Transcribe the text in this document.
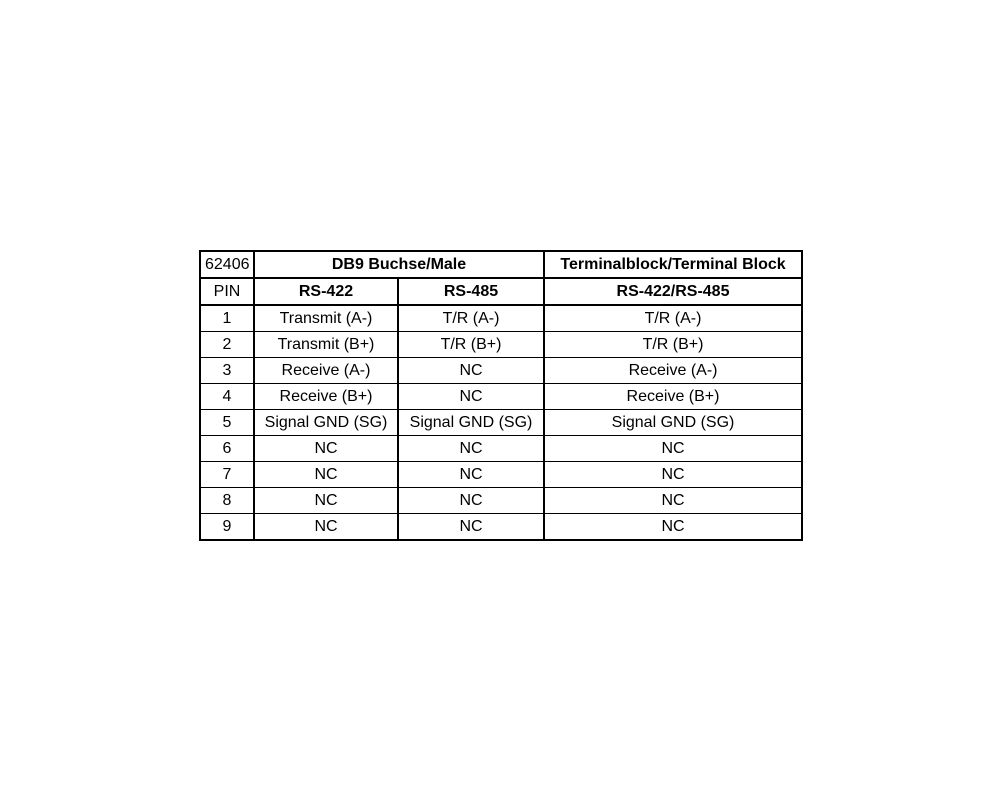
62406	DB9 Buchse/Male		Terminalblock/Terminal Block
PIN	RS-422	RS-485	RS-422/RS-485
1	Transmit (A-)	T/R (A-)	T/R (A-)
2	Transmit (B+)	T/R (B+)	T/R (B+)
3	Receive (A-)	NC	Receive (A-)
4	Receive (B+)	NC	Receive (B+)
5	Signal GND (SG)	Signal GND (SG)	Signal GND (SG)
6	NC	NC	NC
7	NC	NC	NC
8	NC	NC	NC
9	NC	NC	NC
